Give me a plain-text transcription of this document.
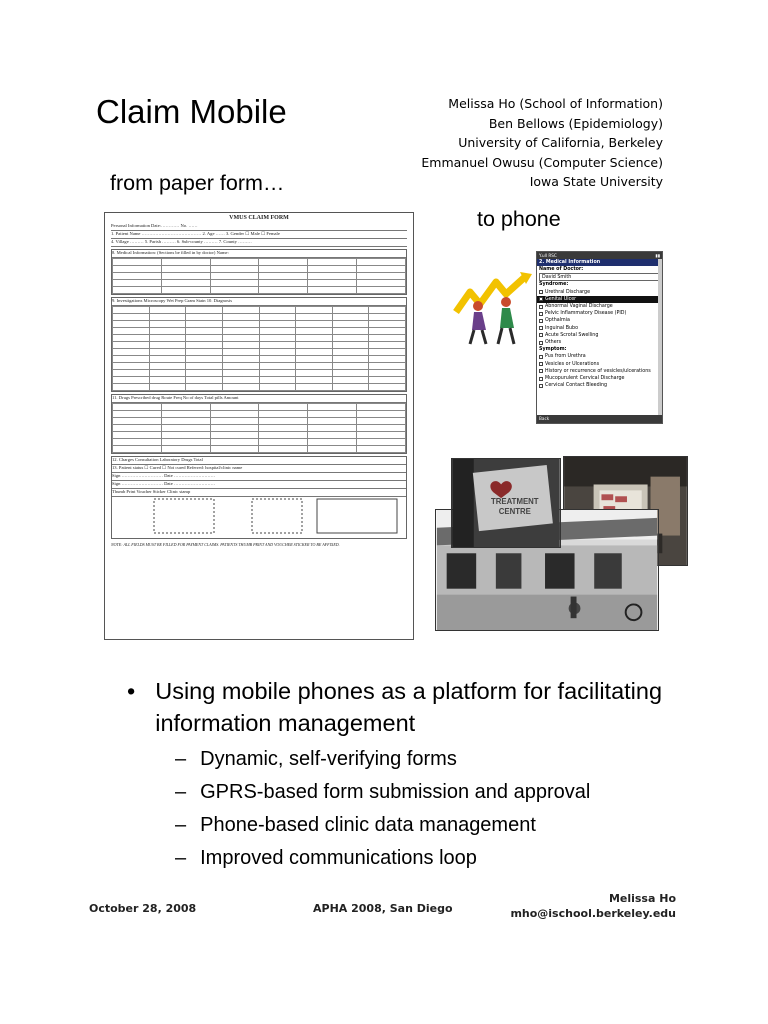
Claim Mobile	Melissa Ho (School of Information)
Ben Bellows (Epidemiology)
University of California, Berkeley
Emmanuel Owusu (Computer Science)
Iowa State University
from paper form…
to phone
VMUS CLAIM FORM
Personal Information Date:………… No. ……
1. Patient Name ………………………………… 2. Age …… 3. Gender ☐ Male ☐ Female
4. Village ……… 5. Parish ……… 6. Sub-county ……… 7. County ………
8. Medical Information: (Sections be filled in by doctor) Name:

9. Investigations Microscopy Wet Prep Gram Stain 10. Diagnosis

11. Drugs Prescribed drug Route Freq No of days Total pills Amount

12. Charges Consultation Laboratory Drugs Total
13. Patient status ☐ Cured ☐ Not cured Referred: hospital/clinic name
Sign ……………………… Date ………………………
Sign ……………………… Date ………………………
Thumb Print Voucher Sticker Clinic stamp
NOTE: ALL FIELDS MUST BE FILLED FOR PAYMENT CLAIMS. PATIENTS THUMB PRINT AND VOUCHER STICKER TO BE AFFIXED.
Y.ull RSC	▮▮
2. Medical Information
Name of Doctor:
David Smith
Syndrome:
Urethral Discharge
Genital Ulcer
Abnormal Vaginal Discharge
Pelvic Inflammatory Disease (PID)
Opthalmia
Inguinal Bubo
Acute Scrotal Swelling
Others
Symptom:
Pus from Urethra
Vesicles or Ulcerations
History or recurrence of vesicles/ulcerations
Mucopurulent Cervical Discharge
Cervical Contact Bleeding
Back
TREATMENT
CENTRE
• Using mobile phones as a platform for facilitating information management
– Dynamic, self-verifying forms
– GPRS-based form submission and approval
– Phone-based clinic data management
– Improved communications loop
October 28, 2008	APHA 2008, San Diego
Melissa Ho
mho@ischool.berkeley.edu
